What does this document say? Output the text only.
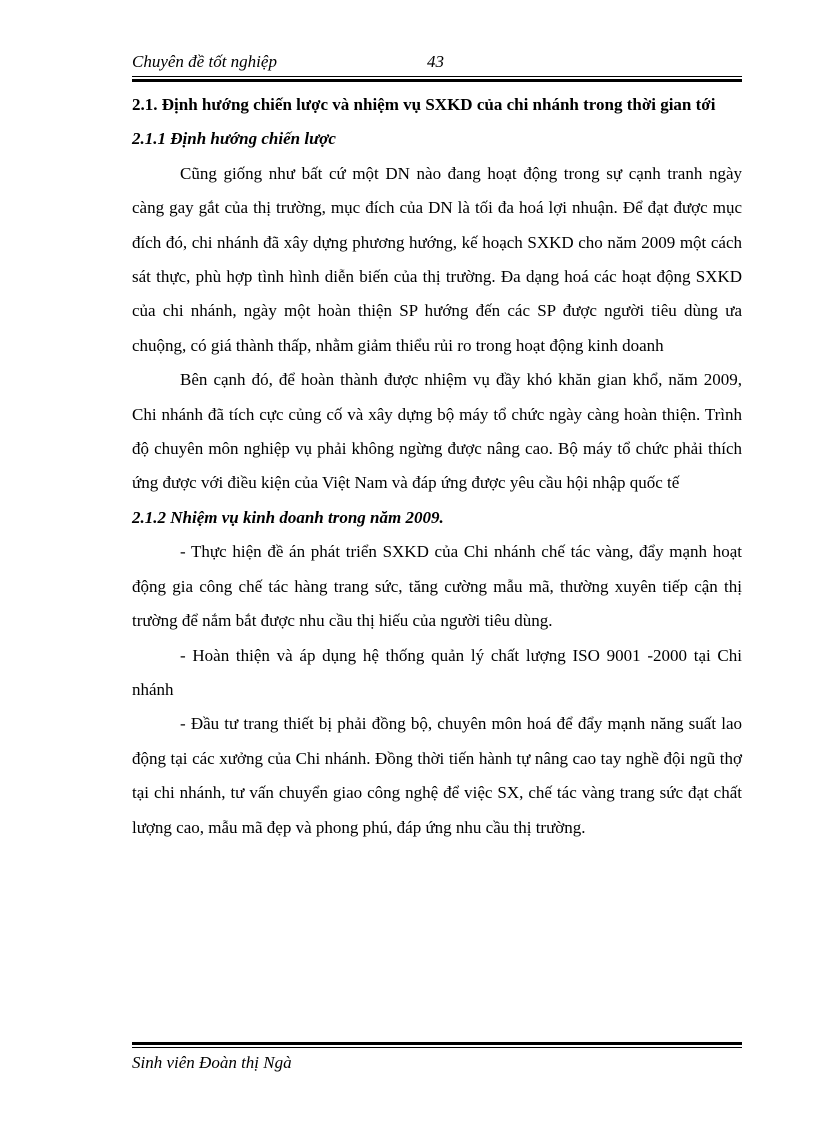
Chuyên đề tốt nghiệp	43

2.1. Định hướng chiến lược và nhiệm vụ SXKD của chi nhánh trong thời gian tới

2.1.1 Định hướng chiến lược

Cũng giống như bất cứ một DN nào đang hoạt động trong sự cạnh tranh ngày càng gay gắt của thị trường, mục đích của DN là tối đa hoá lợi nhuận. Để đạt được mục đích đó, chi nhánh đã xây dựng phương hướng, kế hoạch SXKD cho năm 2009 một cách sát thực, phù hợp tình hình diễn biến của thị trường. Đa dạng hoá các hoạt động SXKD của chi nhánh, ngày một hoàn thiện SP hướng đến các SP được người tiêu dùng ưa chuộng, có giá thành thấp, nhằm giảm thiểu rủi ro trong hoạt động kinh doanh

Bên cạnh đó, để hoàn thành được nhiệm vụ đầy khó khăn gian khổ, năm 2009, Chi nhánh đã tích cực củng cố và xây dựng bộ máy tổ chức ngày càng hoàn thiện. Trình độ chuyên môn nghiệp vụ phải không ngừng được nâng cao. Bộ máy tổ chức phải thích ứng được với điều kiện của Việt Nam và đáp ứng được yêu cầu hội nhập quốc tế

2.1.2 Nhiệm vụ kinh doanh trong năm 2009.

- Thực hiện đề án phát triển SXKD của Chi nhánh chế tác vàng, đẩy mạnh hoạt động gia công chế tác hàng trang sức, tăng cường mẫu mã, thường xuyên tiếp cận thị trường để nắm bắt được nhu cầu thị hiếu của người tiêu dùng.

- Hoàn thiện và áp dụng hệ thống quản lý chất lượng ISO 9001 -2000 tại Chi nhánh

- Đầu tư trang thiết bị phải đồng bộ, chuyên môn hoá để đẩy mạnh năng suất lao động tại các xưởng của Chi nhánh. Đồng thời tiến hành tự nâng cao tay nghề đội ngũ thợ tại chi nhánh, tư vấn chuyển giao công nghệ để việc SX, chế tác vàng trang sức đạt chất lượng cao, mẫu mã đẹp và phong phú, đáp ứng nhu cầu thị trường.

Sinh viên Đoàn thị Ngà
